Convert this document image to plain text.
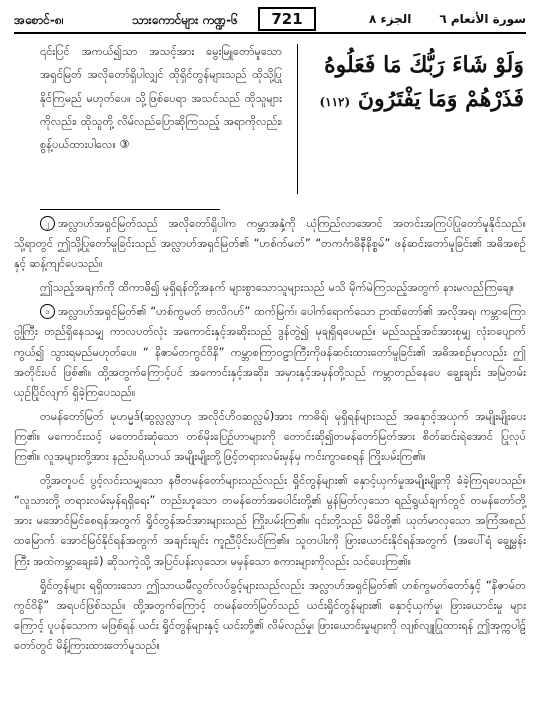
အစောင်-၈၊	သားကောင်များ ကဏ္ဍ-၆	721	الجزء ٨ سورة الأنعام ٦

၎င်းပြင် အကယ်၍သာ အသင့်အား မွေးမြူတော်မူသော အရှင်မြတ် အလိုတော်ရှိပါလျှင် ထိုရှိင်တွန်များသည် ထိုသို့ပြုနိုင်ကြမည် မဟုတ်ပေ။ သို့ဖြစ်ပေရာ အသင်သည် ထိုသူများကိုလည်း၊ ထိုသူတို့ လိမ်လည်ပြောဆိုကြသည့် အရာကိုလည်း၊ စွန့်ပယ်ထားပါလေ။ ③

وَلَوْ شَاءَ رَبُّكَ مَا فَعَلُوهُ
فَذَرْهُمْ وَمَا يَفْتَرُونَ (١١٢)

၂ အလ္လာဟ်အရှင်မြတ်သည် အလိုတော်ရှိပါက ကမ္ဘာအနှံ့ကို ယုံကြည်လာအောင် အတင်းအကြပ်ပြုတော်မူနိုင်သည်။ သို့ရာတွင် ဤသို့ပြုတော်မူခြင်းသည် အလ္လာဟ်အရှင်မြတ်၏ “ဟစ်က်မတ်” “တကင်္ဂာဓိနီနိစ္စမ်” ဖန်ဆင်းတော်မူခြင်း၏ အဓိအစဉ်နှင့် ဆန့်ကျင်ပေသည်။

ဤသည့်အချက်ကို ထိကာဓိ၍ မုရှိရန်တို့အနက် များစွာသောသူများသည် မသိ မိုက်မဲကြသည့်အတွက် နားမလည်ကြချေ။

၁ အလ္လာဟ်အရှင်မြတ်၏ “ဟစ်ကွမတ် ဗာလိဂဟ်” ထက်မြက်၊ ပေါက်ရောက်သော ဥာဏ်တော်၏ အလိုအရ၊ ကမ္ဘာကြောဝ္ပ္ပါကြီး တည်ရှိနေသမျှ ကာလပတ်လုံး အကောင်းနှင့်အဆိုးသည် ဒွန်တွဲ၍ မုချရှိရပေမည်။ မည်သည့်အင်အားစုမျှ လုံးဝပျောက်ကွယ်၍ သွားရမည်မဟုတ်ပေ။ “ နိဇာမ်တကွင်ဝိနိ” ကမ္ဘာစကြာဝဠာကြီးကိုဖန်ဆင်းထားတော်မူခြင်း၏ အဓိအစဉ်မှာလည်း ဤအတိုင်းပင် ဖြစ်၏။ ထို့အတွက်ကြောင့်ပင် အကောင်းနှင့်အဆိုး၊ အမှားနှင့်အမှန်တို့သည် ကမ္ဘာတည်နေပေ ချွေးချင်း အမြဲတမ်း ယှဉ်ပြိုင်လျက် ရှိခဲ့ကြပေသည်။

တမန်တော်မြတ် မုဟမ္မဒ်(ဆွလ္လလ္လာဟု အလိုင်ဟိဝဆလ္လမ်)အား ကာဓိရ်၊ မုရှိရန်များသည် အနှောင့်အယှက် အမျိုးမျိုးပေးကြ၏။ မကောင်းသင့် မတောင်းဆုံသော တစ်မိုးပြေဉ်ဟာများကို တောင်းဆို၍တမန်တော်မြတ်အား စိတ်ဆင်းရဲအောင် ပြုလုပ်ကြ၏။ လူအများတို့အား နည်းပရိယာယ် အမျိုးမျိုးတို့ဖြင့်တရားလမ်းမှန်မှ ကင်းကွာစေရန် ကြိုးပမ်းကြ၏။

တို့အတူပင် ပွင့်လင်းသမျှသော နဗီတမန်တော်များသည်လည်း ရှိုင်တွန်များ၏ နှောင့်ယှက်မှုအမျိုးမျိုးကို ခံခဲ့ကြရပေသည်။ “လူသားတို့ တရားလမ်းမှန်ရရှိရေး” တည်းဟူသော တမန်တော်အပေါင်းတို့၏ မွန်မြတ်လှသော ရည်ရွယ်ချက်တွင် တမန်တော်တို့အား မအောင်မြင်စေရန်အတွက် ရှိုင်တွန်အင်အားများသည် ကြိုးပမ်းကြ၏။ ၎င်းတို့သည် မိမိတို့၏ ယုတ်မာလှသော အကြံအစည် ထမြောက် အောင်မြင်နိုင်ရန်အတွက် အချင်းချင်း ကူညီပိုင်းပင်ကြ၏။ သူတပါးကို ဖြားယောင်းနိုင်ရန်အတွက် (အပေါ်ရံ ချွေမွှန်းကြီး အထဲကမ္ဘာချေးခံ) ဆိုသကဲ့သို့ အပြင်ပန်းလှသော၊ မမှန်သော စကားများကိုလည်း သင်ပေးကြ၏။

ရှိုင်တွန်များ ရရှိထားသော ဤသာယမီလွတ်လပ်ခွင့်များသည်လည်း အလ္လာဟ်အရှင်မြတ်၏ ဟစ်ကွမတ်တော်နှင့် “နိဇာမ်တကွင်ဝိနိ” အရပင်ဖြစ်သည်။ ထို့အတွက်ကြောင့် တမန်တော်မြတ်သည် ယင်းရှိုင်တွန်များ၏ နှောင့်ယှက်မှု၊ ဖြားယောင်းမှု များကြောင့် ပူပန်သောက မဖြစ်ရန် ယင်း ရှိုင်တွန်များနှင့် ယင်းတို့၏ လိမ်လည်မှု၊ ဖြားယောင်းမှုများကို လျစ်လျူပြုထားရန် ဤအုက္ကပါဠ်တော်တွင် မိန့်ကြားထားတော်မူသည်။
